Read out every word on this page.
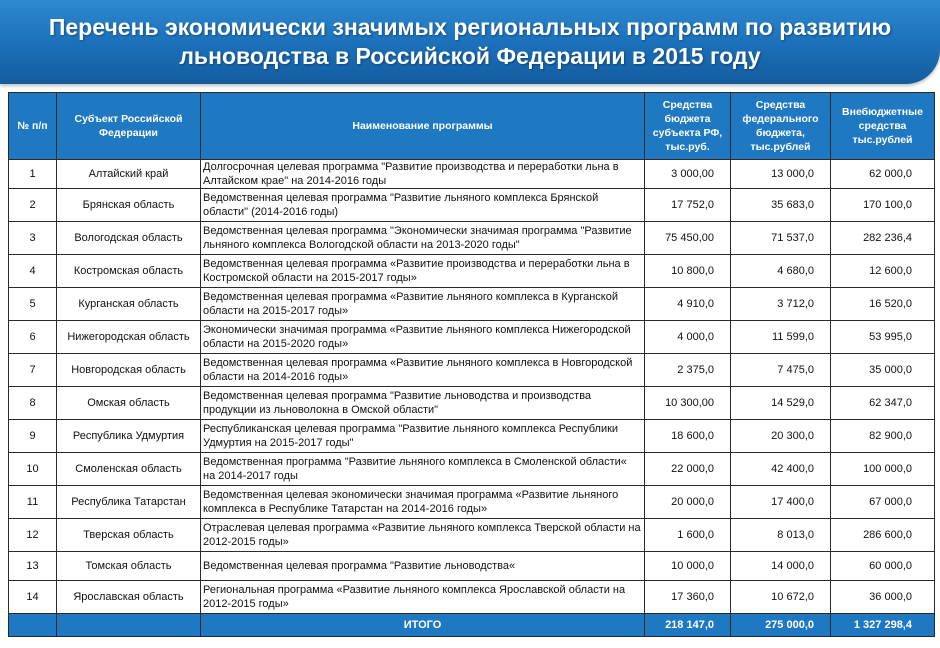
Перечень экономически значимых региональных программ по развитию льноводства в Российской Федерации в 2015 году
№ п/п	Субъект Российской Федерации	Наименование программы	Средства бюджета субъекта РФ, тыс.руб.	Средства федерального бюджета, тыс.рублей	Внебюджетные средства тыс.рублей
1	Алтайский край	Долгосрочная целевая программа "Развитие производства и переработки льна в Алтайском крае" на 2014-2016 годы	3 000,00	13 000,0	62 000,0
2	Брянская область	Ведомственная целевая программа "Развитие льняного комплекса Брянской области" (2014-2016 годы)	17 752,0	35 683,0	170 100,0
3	Вологодская область	Ведомственная целевая программа "Экономически значимая программа "Развитие льняного комплекса Вологодской области на 2013-2020 годы"	75 450,00	71 537,0	282 236,4
4	Костромская область	Ведомственная целевая программа «Развитие производства и переработки льна в Костромской области на 2015-2017 годы»	10 800,0	4 680,0	12 600,0
5	Курганская область	Ведомственная целевая программа «Развитие льняного комплекса в Курганской области на 2015-2017 годы»	4 910,0	3 712,0	16 520,0
6	Нижегородская область	Экономически значимая программа «Развитие льняного комплекса Нижегородской области на 2015-2020 годы»	4 000,0	11 599,0	53 995,0
7	Новгородская область	Ведомственная целевая программа «Развитие льняного комплекса в Новгородской области на 2014-2016 годы»	2 375,0	7 475,0	35 000,0
8	Омская область	Ведомственная целевая программа "Развитие льноводства и производства продукции из льноволокна в Омской области"	10 300,00	14 529,0	62 347,0
9	Республика Удмуртия	Республиканская целевая программа "Развитие льняного комплекса Республики Удмуртия на 2015-2017 годы"	18 600,0	20 300,0	82 900,0
10	Смоленская область	Ведомственная программа "Развитие льняного комплекса в Смоленской области« на 2014-2017 годы	22 000,0	42 400,0	100 000,0
11	Республика Татарстан	Ведомственная целевая экономически значимая программа «Развитие льняного комплекса в Республике Татарстан на 2014-2016 годы»	20 000,0	17 400,0	67 000,0
12	Тверская область	Отраслевая целевая программа «Развитие льняного комплекса Тверской области на 2012-2015 годы»	1 600,0	8 013,0	286 600,0
13	Томская область	Ведомственная целевая программа "Развитие льноводства«	10 000,0	14 000,0	60 000,0
14	Ярославская область	Региональная программа «Развитие льняного комплекса Ярославской области на 2012-2015 годы»	17 360,0	10 672,0	36 000,0
		ИТОГО	218 147,0	275 000,0	1 327 298,4
